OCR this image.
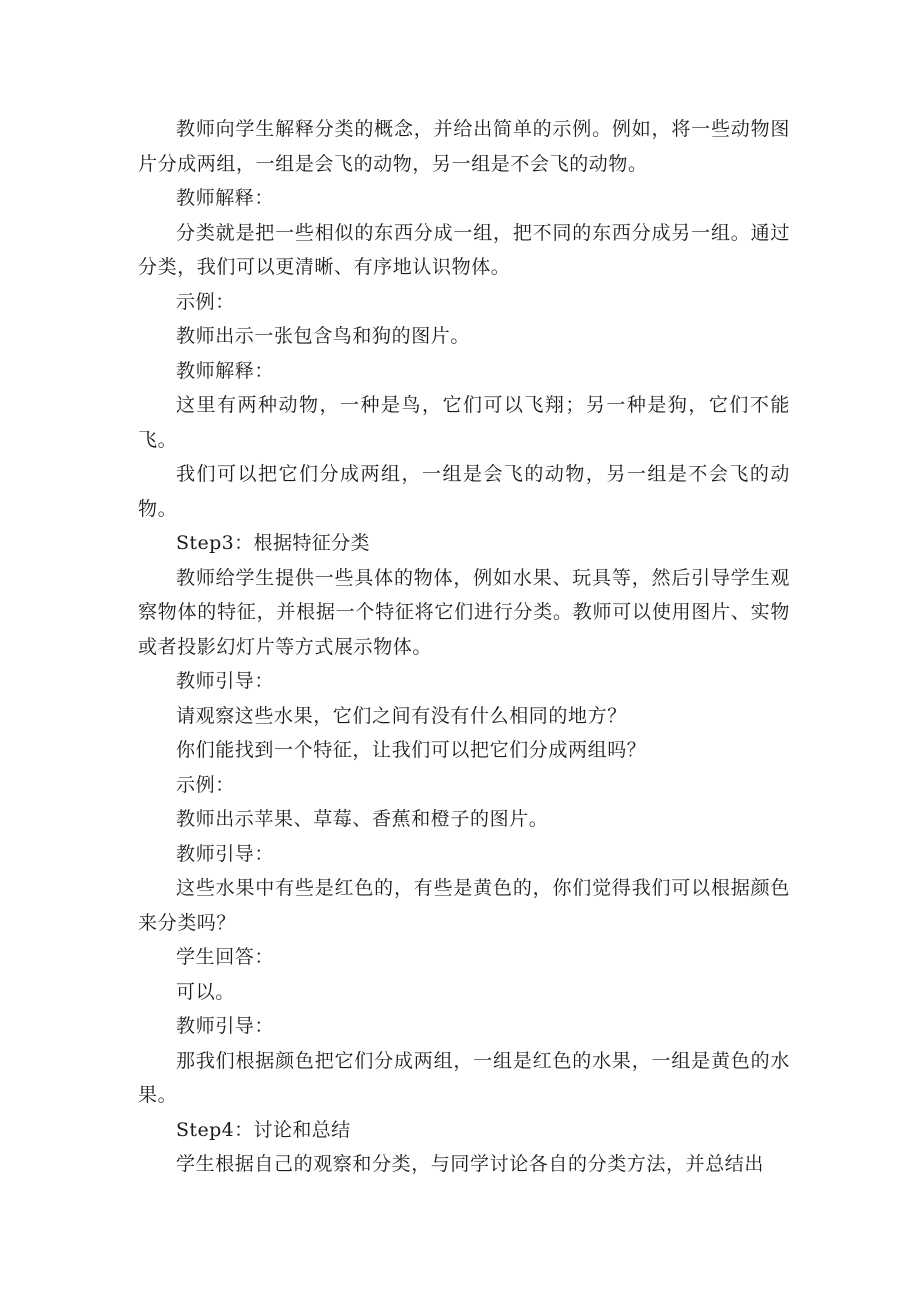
教师向学生解释分类的概念，并给出简单的示例。例如，将一些动物图片分成两组，一组是会飞的动物，另一组是不会飞的动物。

教师解释：

分类就是把一些相似的东西分成一组，把不同的东西分成另一组。通过分类，我们可以更清晰、有序地认识物体。

示例：

教师出示一张包含鸟和狗的图片。

教师解释：

这里有两种动物，一种是鸟，它们可以飞翔；另一种是狗，它们不能飞。

我们可以把它们分成两组，一组是会飞的动物，另一组是不会飞的动物。

Step3：根据特征分类

教师给学生提供一些具体的物体，例如水果、玩具等，然后引导学生观察物体的特征，并根据一个特征将它们进行分类。教师可以使用图片、实物或者投影幻灯片等方式展示物体。

教师引导：

请观察这些水果，它们之间有没有什么相同的地方？

你们能找到一个特征，让我们可以把它们分成两组吗？

示例：

教师出示苹果、草莓、香蕉和橙子的图片。

教师引导：

这些水果中有些是红色的，有些是黄色的，你们觉得我们可以根据颜色来分类吗？

学生回答：

可以。

教师引导：

那我们根据颜色把它们分成两组，一组是红色的水果，一组是黄色的水果。

Step4：讨论和总结

学生根据自己的观察和分类，与同学讨论各自的分类方法，并总结出
